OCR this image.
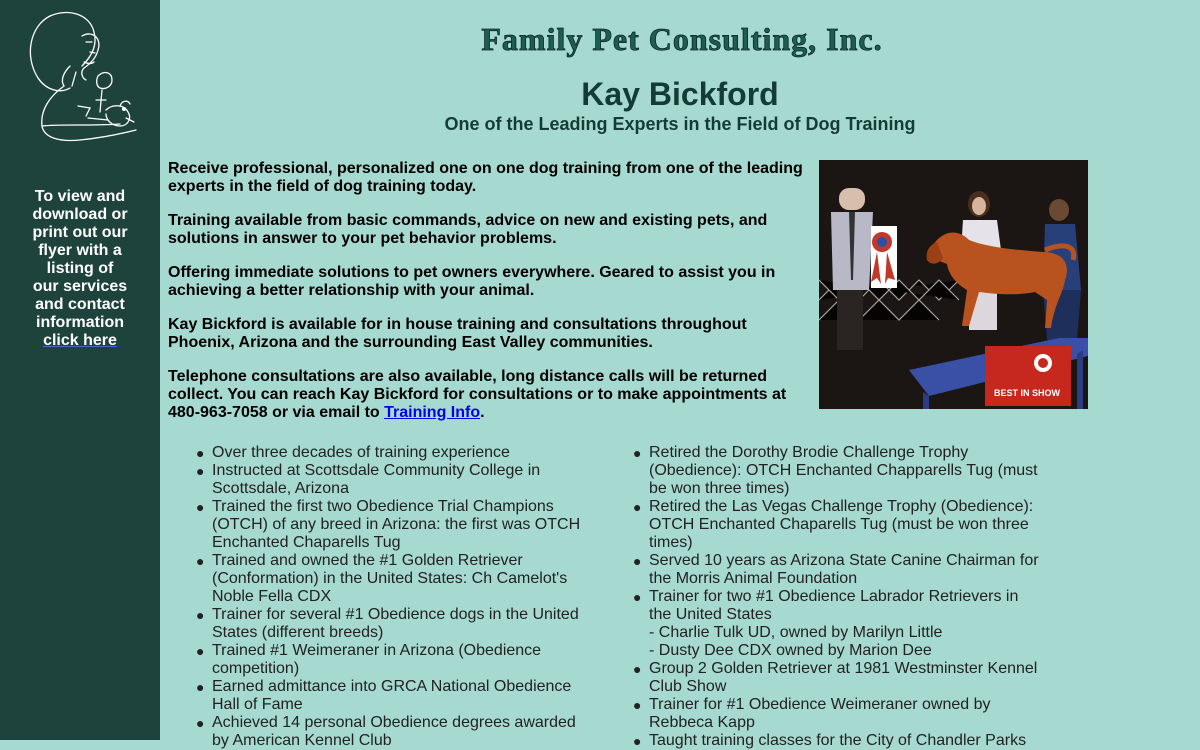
To view and
download or
print out our
flyer with a
listing of
our services
and contact
information
click here
Family Pet Consulting, Inc.
Kay Bickford
One of the Leading Experts in the Field of Dog Training

Receive professional, personalized one on one dog training from one of the leading experts in the field of dog training today.

Training available from basic commands, advice on new and existing pets, and solutions in answer to your pet behavior problems.

Offering immediate solutions to pet owners everywhere. Geared to assist you in achieving a better relationship with your animal.

Kay Bickford is available for in house training and consultations throughout Phoenix, Arizona and the surrounding East Valley communities.

Telephone consultations are also available, long distance calls will be returned collect. You can reach Kay Bickford for consultations or to make appointments at 480-963-7058 or via email to Training Info.

BEST IN SHOW
● Over three decades of training experience
● Instructed at Scottsdale Community College in Scottsdale, Arizona
● Trained the first two Obedience Trial Champions (OTCH) of any breed in Arizona: the first was OTCH Enchanted Chaparells Tug
● Trained and owned the #1 Golden Retriever (Conformation) in the United States: Ch Camelot's Noble Fella CDX
● Trainer for several #1 Obedience dogs in the United States (different breeds)
● Trained #1 Weimeraner in Arizona (Obedience competition)
● Earned admittance into GRCA National Obedience Hall of Fame
● Achieved 14 personal Obedience degrees awarded by American Kennel Club
● Retired the Dorothy Brodie Challenge Trophy (Obedience): OTCH Enchanted Chapparells Tug (must be won three times)
● Retired the Las Vegas Challenge Trophy (Obedience): OTCH Enchanted Chaparells Tug (must be won three times)
● Served 10 years as Arizona State Canine Chairman for the Morris Animal Foundation
● Trainer for two #1 Obedience Labrador Retrievers in the United States
- Charlie Tulk UD, owned by Marilyn Little
- Dusty Dee CDX owned by Marion Dee
● Group 2 Golden Retriever at 1981 Westminster Kennel Club Show
● Trainer for #1 Obedience Weimeraner owned by Rebbeca Kapp
● Taught training classes for the City of Chandler Parks
